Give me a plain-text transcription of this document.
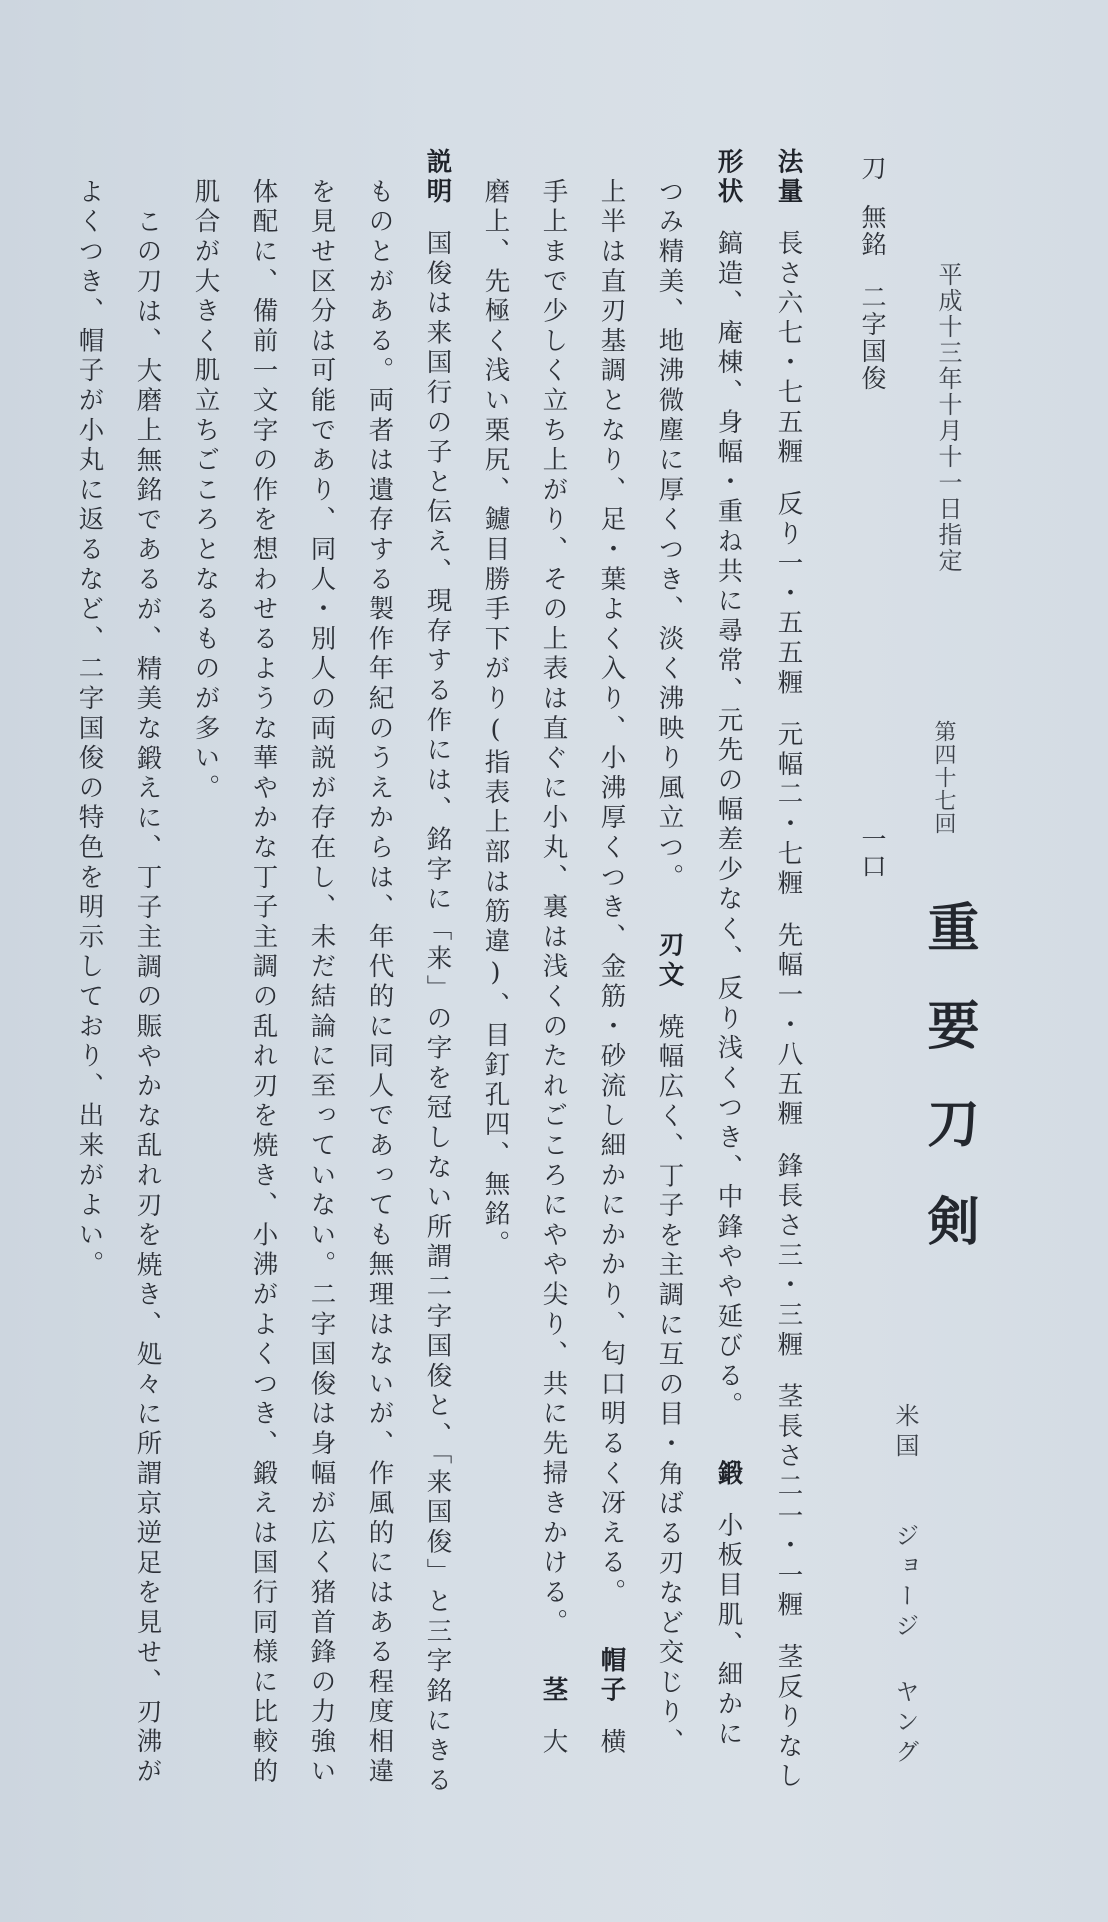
平成十三年十月十一日指定
第四十七回
重要刀剣
米国ジョージヤング
刀無銘二字国俊
一口
法量長さ六七・七五糎反り一・五五糎元幅二・七糎先幅一・八五糎鋒長さ三・三糎茎長さ二一・一糎茎反りなし
形状鎬造、庵棟、身幅・重ね共に尋常、元先の幅差少なく、反り浅くつき、中鋒やや延びる。鍛小板目肌、細かに
つみ精美、地沸微塵に厚くつき、淡く沸映り風立つ。刃文焼幅広く、丁子を主調に互の目・角ばる刃など交じり、
上半は直刃基調となり、足・葉よく入り、小沸厚くつき、金筋・砂流し細かにかかり、匂口明るく冴える。帽子横
手上まで少しく立ち上がり、その上表は直ぐに小丸、裏は浅くのたれごころにやや尖り、共に先掃きかける。茎大
磨上、先極く浅い栗尻、鑢目勝手下がり(指表上部は筋違)、目釘孔四、無銘。
説明国俊は来国行の子と伝え、現存する作には、銘字に「来」の字を冠しない所謂二字国俊と、「来国俊」と三字銘にきる
ものとがある。両者は遺存する製作年紀のうえからは、年代的に同人であっても無理はないが、作風的にはある程度相違
を見せ区分は可能であり、同人・別人の両説が存在し、未だ結論に至っていない。二字国俊は身幅が広く猪首鋒の力強い
体配に、備前一文字の作を想わせるような華やかな丁子主調の乱れ刃を焼き、小沸がよくつき、鍛えは国行同様に比較的
肌合が大きく肌立ちごころとなるものが多い。
この刀は、大磨上無銘であるが、精美な鍛えに、丁子主調の賑やかな乱れ刃を焼き、処々に所謂京逆足を見せ、刃沸が
よくつき、帽子が小丸に返るなど、二字国俊の特色を明示しており、出来がよい。
